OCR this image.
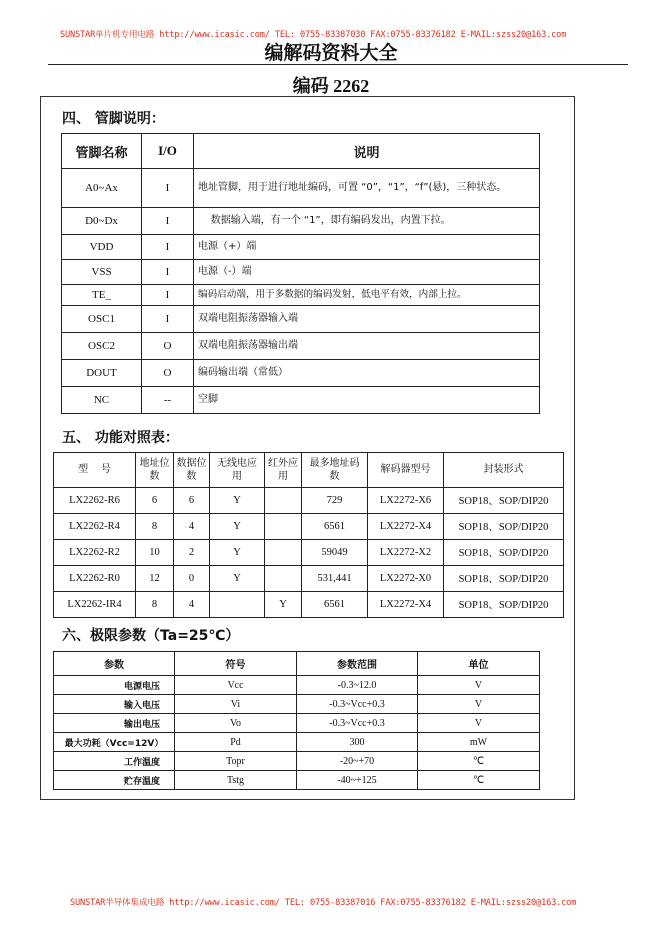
SUNSTAR单片机专用电路 http://www.icasic.com/ TEL: 0755-83387030 FAX:0755-83376182 E-MAIL:szss20@163.com
编解码资料大全
编码 2262
四、 管脚说明：
管脚名称	I/O	说明
A0~Ax	I	地址管脚，用于进行地址编码，可置 “0”，“1”，“f”(悬)，三种状态。
D0~Dx	I	数据输入端，有一个 “1”，即有编码发出，内置下拉。
VDD	I	电源（+）端
VSS	I	电源（-）端
TE_	I	编码启动端，用于多数据的编码发射，低电平有效，内部上拉。
OSC1	I	双端电阻振荡器输入端
OSC2	O	双端电阻振荡器输出端
DOUT	O	编码输出端（常低）
NC	--	空脚
五、 功能对照表：
型    号	地址位数	数据位数	无线电应 用	红外应用	最多地址码 数	解码器型号	封装形式
LX2262-R6	6	6	Y		729	LX2272-X6	SOP18、SOP/DIP20
LX2262-R4	8	4	Y		6561	LX2272-X4	SOP18、SOP/DIP20
LX2262-R2	10	2	Y		59049	LX2272-X2	SOP18、SOP/DIP20
LX2262-R0	12	0	Y		531,441	LX2272-X0	SOP18、SOP/DIP20
LX2262-IR4	8	4		Y	6561	LX2272-X4	SOP18、SOP/DIP20
六、极限参数（Ta=25℃）
参数	符号	参数范围	单位
电源电压	Vcc	-0.3~12.0	V
输入电压	Vi	-0.3~Vcc+0.3	V
输出电压	Vo	-0.3~Vcc+0.3	V
最大功耗（Vcc=12V）	Pd	300	mW
工作温度	Topr	-20~+70	℃
贮存温度	Tstg	-40~+125	℃
SUNSTAR半导体集成电路 http://www.icasic.com/ TEL: 0755-83387016 FAX:0755-83376182 E-MAIL:szss20@163.com
